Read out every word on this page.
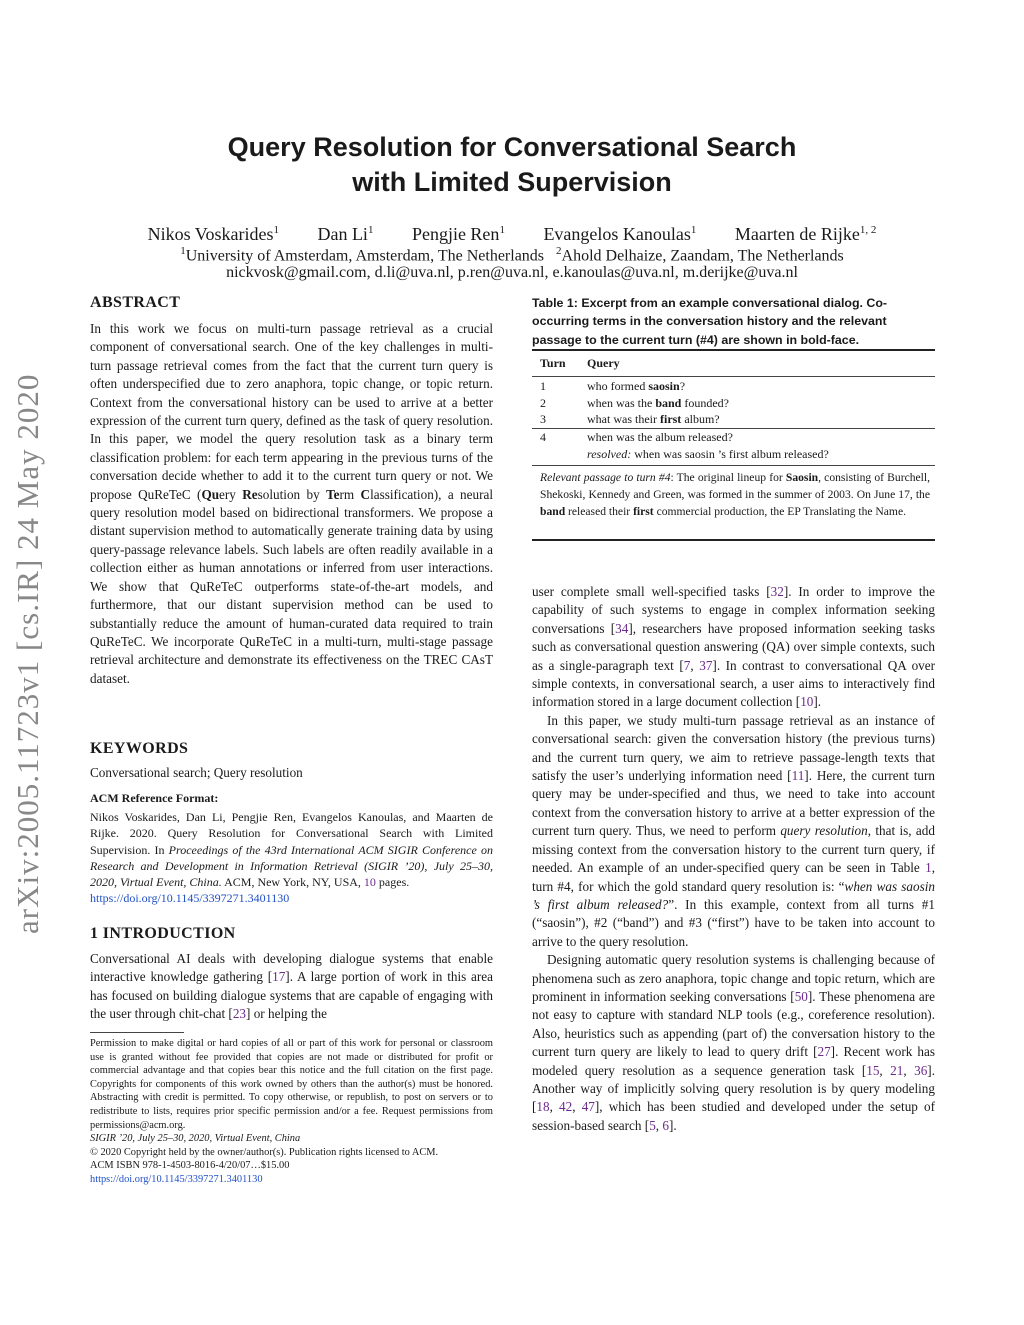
Query Resolution for Conversational Search
with Limited Supervision
Nikos Voskarides$^1$ Dan Li$^1$ Pengjie Ren$^1$ Evangelos Kanoulas$^1$ Maarten de Rijke$^{1, 2}$
$^1$University of Amsterdam, Amsterdam, The Netherlands $^2$Ahold Delhaize, Zaandam, The Netherlands
nickvosk@gmail.com, d.li@uva.nl, p.ren@uva.nl, e.kanoulas@uva.nl, m.derijke@uva.nl
arXiv:2005.11723v1 [cs.IR] 24 May 2020
ABSTRACT

In this work we focus on multi-turn passage retrieval as a crucial component of conversational search. One of the key challenges in multi-turn passage retrieval comes from the fact that the current turn query is often underspecified due to zero anaphora, topic change, or topic return. Context from the conversational history can be used to arrive at a better expression of the current turn query, defined as the task of query resolution. In this paper, we model the query resolution task as a binary term classification problem: for each term appearing in the previous turns of the conversation decide whether to add it to the current turn query or not. We propose QuReTeC (Query Resolution by Term Classification), a neural query resolution model based on bidirectional transformers. We propose a distant supervision method to automatically generate training data by using query-passage relevance labels. Such labels are often readily available in a collection either as human annotations or inferred from user interactions. We show that QuReTeC outperforms state-of-the-art models, and furthermore, that our distant supervision method can be used to substantially reduce the amount of human-curated data required to train QuReTeC. We incorporate QuReTeC in a multi-turn, multi-stage passage retrieval architecture and demonstrate its effectiveness on the TREC CAsT dataset.

KEYWORDS
Conversational search; Query resolution
ACM Reference Format:
Nikos Voskarides, Dan Li, Pengjie Ren, Evangelos Kanoulas, and Maarten de Rijke. 2020. Query Resolution for Conversational Search with Limited Supervision. In Proceedings of the 43rd International ACM SIGIR Conference on Research and Development in Information Retrieval (SIGIR ’20), July 25–30, 2020, Virtual Event, China. ACM, New York, NY, USA, 10 pages.
https://doi.org/10.1145/3397271.3401130
1 INTRODUCTION

Conversational AI deals with developing dialogue systems that enable interactive knowledge gathering [17]. A large portion of work in this area has focused on building dialogue systems that are capable of engaging with the user through chit-chat [23] or helping the

Permission to make digital or hard copies of all or part of this work for personal or classroom use is granted without fee provided that copies are not made or distributed for profit or commercial advantage and that copies bear this notice and the full citation on the first page. Copyrights for components of this work owned by others than the author(s) must be honored. Abstracting with credit is permitted. To copy otherwise, or republish, to post on servers or to redistribute to lists, requires prior specific permission and/or a fee. Request permissions from permissions@acm.org.
SIGIR ’20, July 25–30, 2020, Virtual Event, China
© 2020 Copyright held by the owner/author(s). Publication rights licensed to ACM.
ACM ISBN 978-1-4503-8016-4/20/07…$15.00
https://doi.org/10.1145/3397271.3401130
Table 1: Excerpt from an example conversational dialog. Co-occurring terms in the conversation history and the relevant passage to the current turn (#4) are shown in bold-face.
Turn Query
1	who formed saosin?
2	when was the band founded?
3	what was their first album?
4	when was the album released?
resolved: when was saosin ’s first album released?
Relevant passage to turn #4: The original lineup for Saosin, consisting of Burchell, Shekoski, Kennedy and Green, was formed in the summer of 2003. On June 17, the band released their first commercial production, the EP Translating the Name.

user complete small well-specified tasks [32]. In order to improve the capability of such systems to engage in complex information seeking conversations [34], researchers have proposed information seeking tasks such as conversational question answering (QA) over simple contexts, such as a single-paragraph text [7, 37]. In contrast to conversational QA over simple contexts, in conversational search, a user aims to interactively find information stored in a large document collection [10].

In this paper, we study multi-turn passage retrieval as an instance of conversational search: given the conversation history (the previous turns) and the current turn query, we aim to retrieve passage-length texts that satisfy the user’s underlying information need [11]. Here, the current turn query may be under-specified and thus, we need to take into account context from the conversation history to arrive at a better expression of the current turn query. Thus, we need to perform query resolution, that is, add missing context from the conversation history to the current turn query, if needed. An example of an under-specified query can be seen in Table 1, turn #4, for which the gold standard query resolution is: “when was saosin ’s first album released?”. In this example, context from all turns #1 (“saosin”), #2 (“band”) and #3 (“first”) have to be taken into account to arrive to the query resolution.

Designing automatic query resolution systems is challenging because of phenomena such as zero anaphora, topic change and topic return, which are prominent in information seeking conversations [50]. These phenomena are not easy to capture with standard NLP tools (e.g., coreference resolution). Also, heuristics such as appending (part of) the conversation history to the current turn query are likely to lead to query drift [27]. Recent work has modeled query resolution as a sequence generation task [15, 21, 36]. Another way of implicitly solving query resolution is by query modeling [18, 42, 47], which has been studied and developed under the setup of session-based search [5, 6].
